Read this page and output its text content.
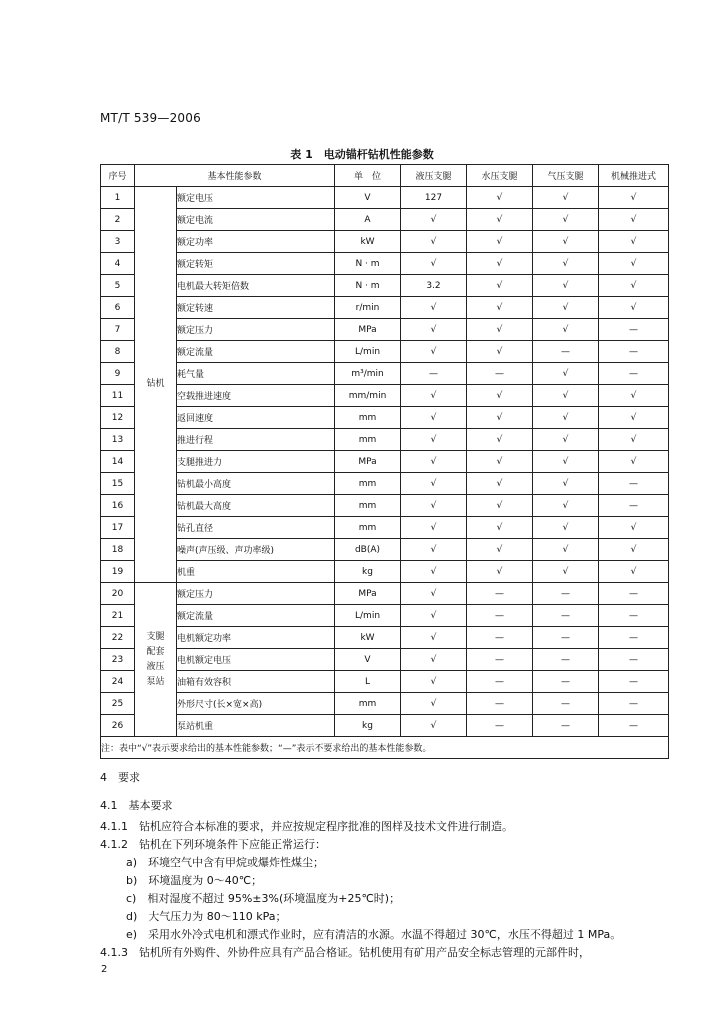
MT/T 539—2006
表 1　电动锚杆钻机性能参数
序号	基本性能参数		单　位	液压支腿	水压支腿	气压支腿	机械推进式
1	钻机	额定电压	V	127	√	√	√
2		额定电流	A	√	√	√	√
3		额定功率	kW	√	√	√	√
4		额定转矩	N · m	√	√	√	√
5		电机最大转矩倍数	N · m	3.2	√	√	√
6		额定转速	r/min	√	√	√	√
7		额定压力	MPa	√	√	√	—
8		额定流量	L/min	√	√	—	—
9		耗气量	m³/min	—	—	√	—
11		空载推进速度	mm/min	√	√	√	√
12		返回速度	mm	√	√	√	√
13		推进行程	mm	√	√	√	√
14		支腿推进力	MPa	√	√	√	√
15		钻机最小高度	mm	√	√	√	—
16		钻机最大高度	mm	√	√	√	—
17		钻孔直径	mm	√	√	√	√
18		噪声(声压级、声功率级)	dB(A)	√	√	√	√
19		机重	kg	√	√	√	√
20	支腿配套液压泵站	额定压力	MPa	√	—	—	—
21		额定流量	L/min	√	—	—	—
22		电机额定功率	kW	√	—	—	—
23		电机额定电压	V	√	—	—	—
24		油箱有效容积	L	√	—	—	—
25		外形尺寸(长×宽×高)	mm	√	—	—	—
26		泵站机重	kg	√	—	—	—
注：表中“√”表示要求给出的基本性能参数；“—”表示不要求给出的基本性能参数。							
4　要求
4.1　基本要求
4.1.1　钻机应符合本标准的要求，并应按规定程序批准的图样及技术文件进行制造。
4.1.2　钻机在下列环境条件下应能正常运行：
a)　环境空气中含有甲烷或爆炸性煤尘；
b)　环境温度为 0～40℃；
c)　相对湿度不超过 95%±3%(环境温度为+25℃时)；
d)　大气压力为 80～110 kPa；
e)　采用水外冷式电机和漂式作业时，应有清洁的水源。水温不得超过 30℃，水压不得超过 1 MPa。
4.1.3　钻机所有外购件、外协件应具有产品合格证。钻机使用有矿用产品安全标志管理的元部件时，
2
